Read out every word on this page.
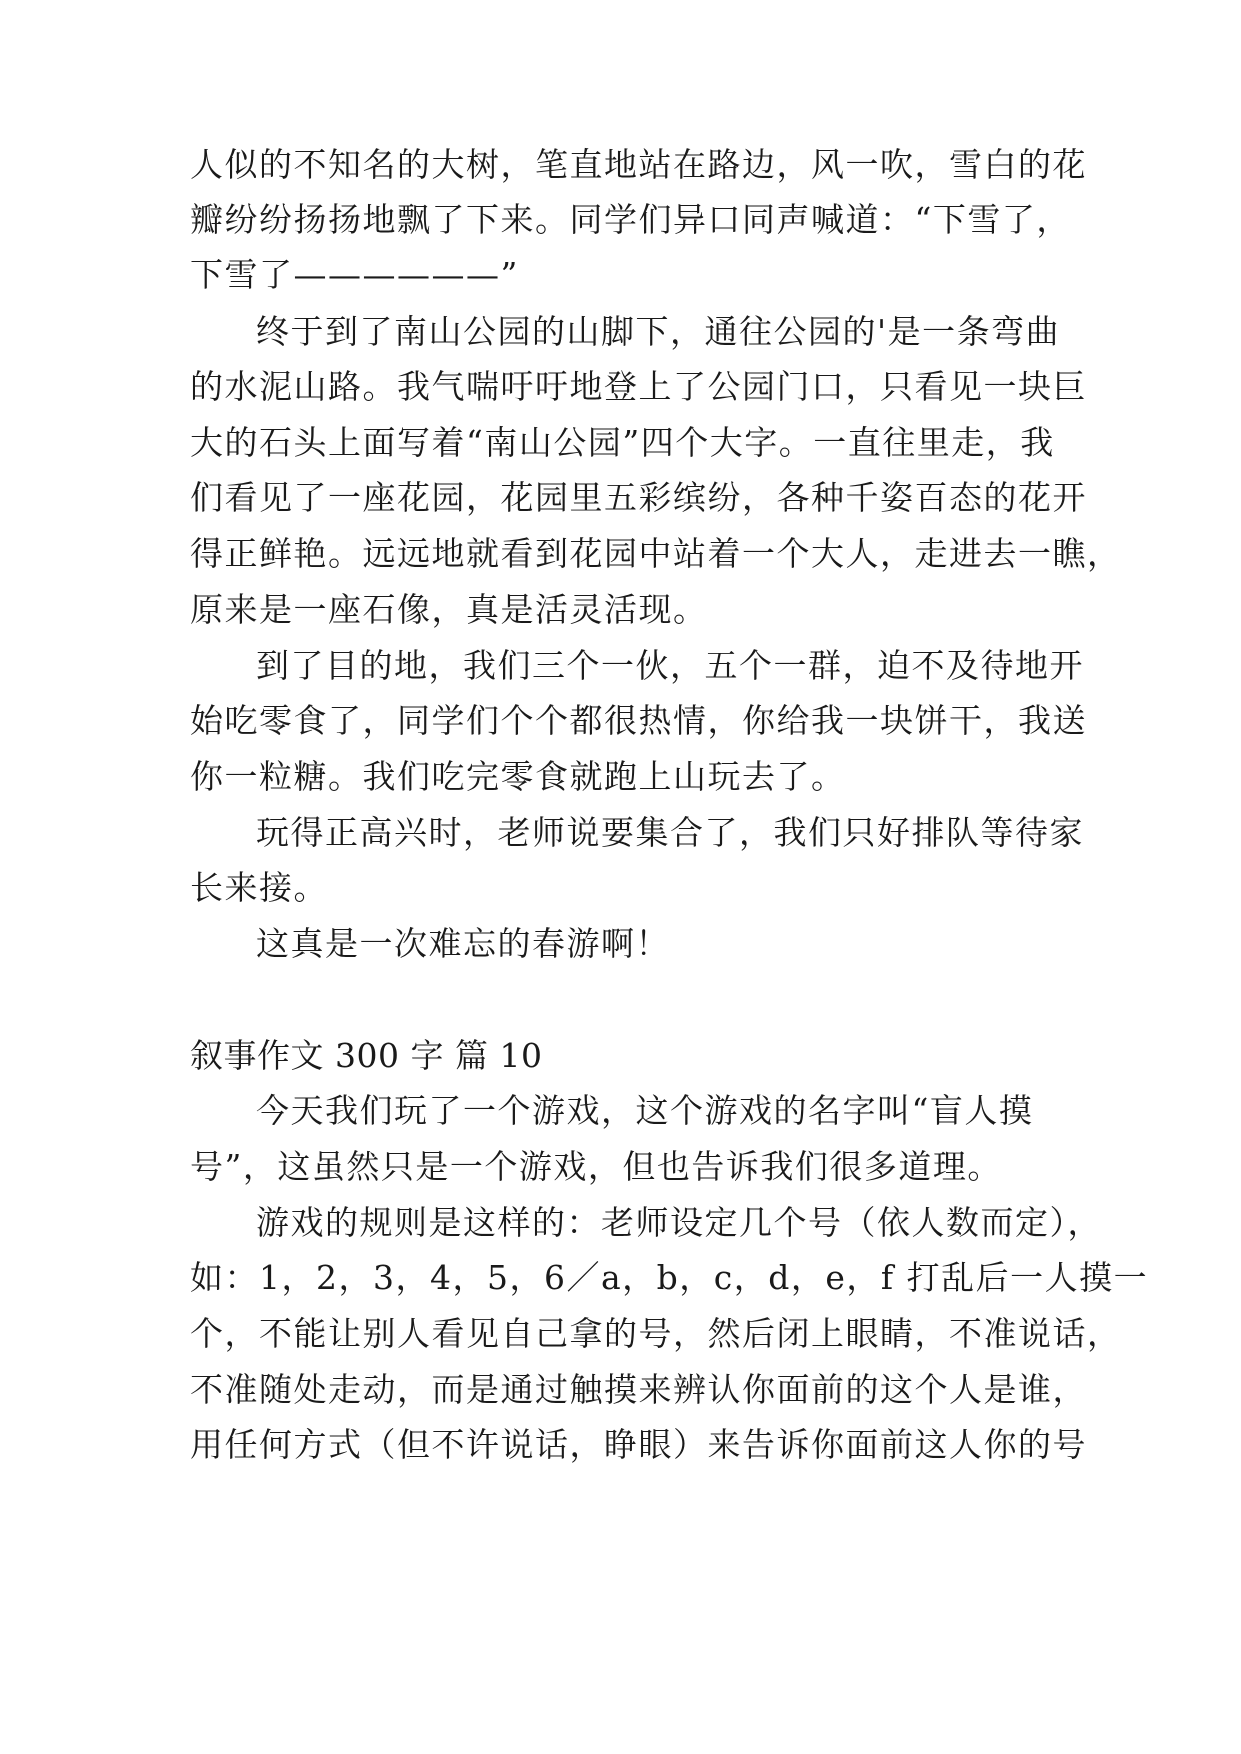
人似的不知名的大树，笔直地站在路边，风一吹，雪白的花
瓣纷纷扬扬地飘了下来。同学们异口同声喊道：“下雪了，
下雪了——————”
终于到了南山公园的山脚下，通往公园的'是一条弯曲
的水泥山路。我气喘吁吁地登上了公园门口，只看见一块巨
大的石头上面写着“南山公园”四个大字。一直往里走，我
们看见了一座花园，花园里五彩缤纷，各种千姿百态的花开
得正鲜艳。远远地就看到花园中站着一个大人，走进去一瞧，
原来是一座石像，真是活灵活现。
到了目的地，我们三个一伙，五个一群，迫不及待地开
始吃零食了，同学们个个都很热情，你给我一块饼干，我送
你一粒糖。我们吃完零食就跑上山玩去了。
玩得正高兴时，老师说要集合了，我们只好排队等待家
长来接。
这真是一次难忘的春游啊！
叙事作文 300 字 篇 10
今天我们玩了一个游戏，这个游戏的名字叫“盲人摸
号”，这虽然只是一个游戏，但也告诉我们很多道理。
游戏的规则是这样的：老师设定几个号（依人数而定），
如：1，2，3，4，5，6／a，b，c，d，e，f 打乱后一人摸一
个，不能让别人看见自己拿的号，然后闭上眼睛，不准说话，
不准随处走动，而是通过触摸来辨认你面前的这个人是谁，
用任何方式（但不许说话，睁眼）来告诉你面前这人你的号
